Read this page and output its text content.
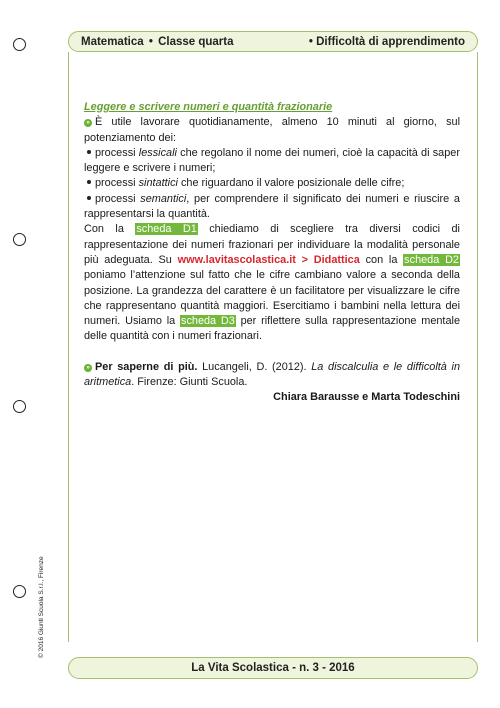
Matematica • Classe quarta	• Difficoltà di apprendimento

Leggere e scrivere numeri e quantità frazionarie

» È utile lavorare quotidianamente, almeno 10 minuti al giorno, sul potenziamento dei:

processi lessicali che regolano il nome dei numeri, cioè la capacità di saper leggere e scrivere i numeri;

processi sintattici che riguardano il valore posizionale delle cifre;

processi semantici, per comprendere il significato dei numeri e riuscire a rappresentarsi la quantità.

Con la scheda D1 chiediamo di scegliere tra diversi codici di rappresentazione dei numeri frazionari per individuare la modalità personale più adeguata. Su www.lavitascolastica.it > Didattica con la scheda D2 poniamo l’attenzione sul fatto che le cifre cambiano valore a seconda della posizione. La grandezza del carattere è un facilitatore per visualizzare le cifre che rappresentano quantità maggiori. Esercitiamo i bambini nella lettura dei numeri. Usiamo la scheda D3 per riflettere sulla rappresentazione mentale delle quantità con i numeri frazionari.

» Per saperne di più. Lucangeli, D. (2012). La discalculia e le difficoltà in aritmetica. Firenze: Giunti Scuola.

Chiara Barausse e Marta Todeschini

© 2016 Giunti Scuola S.r.l., Firenze
La Vita Scolastica - n. 3 - 2016
